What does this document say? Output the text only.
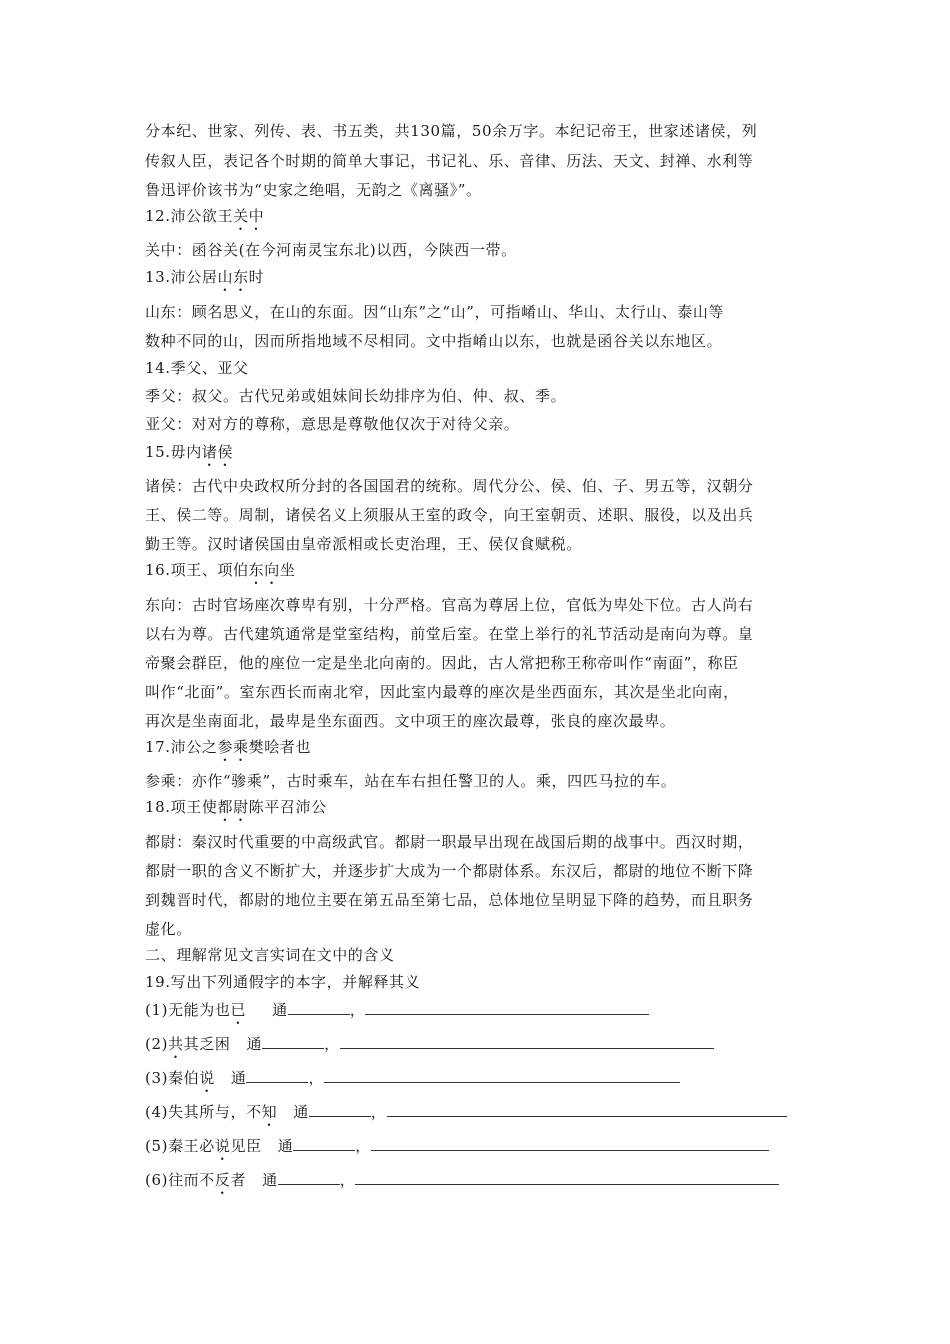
分本纪、世家、列传、表、书五类，共130篇，50余万字。本纪记帝王，世家述诸侯，列
传叙人臣，表记各个时期的简单大事记，书记礼、乐、音律、历法、天文、封禅、水利等
鲁迅评价该书为“史家之绝唱，无韵之《离骚》”。
12.沛公欲王关中
关中：函谷关(在今河南灵宝东北)以西，今陕西一带。
13.沛公居山东时
山东：顾名思义，在山的东面。因“山东”之“山”，可指崤山、华山、太行山、泰山等
数种不同的山，因而所指地域不尽相同。文中指崤山以东，也就是函谷关以东地区。
14.季父、亚父
季父：叔父。古代兄弟或姐妹间长幼排序为伯、仲、叔、季。
亚父：对对方的尊称，意思是尊敬他仅次于对待父亲。
15.毋内诸侯
诸侯：古代中央政权所分封的各国国君的统称。周代分公、侯、伯、子、男五等，汉朝分
王、侯二等。周制，诸侯名义上须服从王室的政令，向王室朝贡、述职、服役，以及出兵
勤王等。汉时诸侯国由皇帝派相或长吏治理，王、侯仅食赋税。
16.项王、项伯东向坐
东向：古时官场座次尊卑有别，十分严格。官高为尊居上位，官低为卑处下位。古人尚右
以右为尊。古代建筑通常是堂室结构，前堂后室。在堂上举行的礼节活动是南向为尊。皇
帝聚会群臣，他的座位一定是坐北向南的。因此，古人常把称王称帝叫作“南面”，称臣
叫作“北面”。室东西长而南北窄，因此室内最尊的座次是坐西面东，其次是坐北向南，
再次是坐南面北，最卑是坐东面西。文中项王的座次最尊，张良的座次最卑。
17.沛公之参乘樊哙者也
参乘：亦作“骖乘”，古时乘车，站在车右担任警卫的人。乘，四匹马拉的车。
18.项王使都尉陈平召沛公
都尉：秦汉时代重要的中高级武官。都尉一职最早出现在战国后期的战事中。西汉时期，
都尉一职的含义不断扩大，并逐步扩大成为一个都尉体系。东汉后，都尉的地位不断下降
到魏晋时代，都尉的地位主要在第五品至第七品，总体地位呈明显下降的趋势，而且职务
虚化。
二、理解常见文言实词在文中的含义
19.写出下列通假字的本字，并解释其义
(1)无能为也已 通	，
(2)共其乏困 通	，
(3)秦伯说 通	，
(4)失其所与，不知 通	，
(5)秦王必说见臣 通	，
(6)往而不反者 通	，
